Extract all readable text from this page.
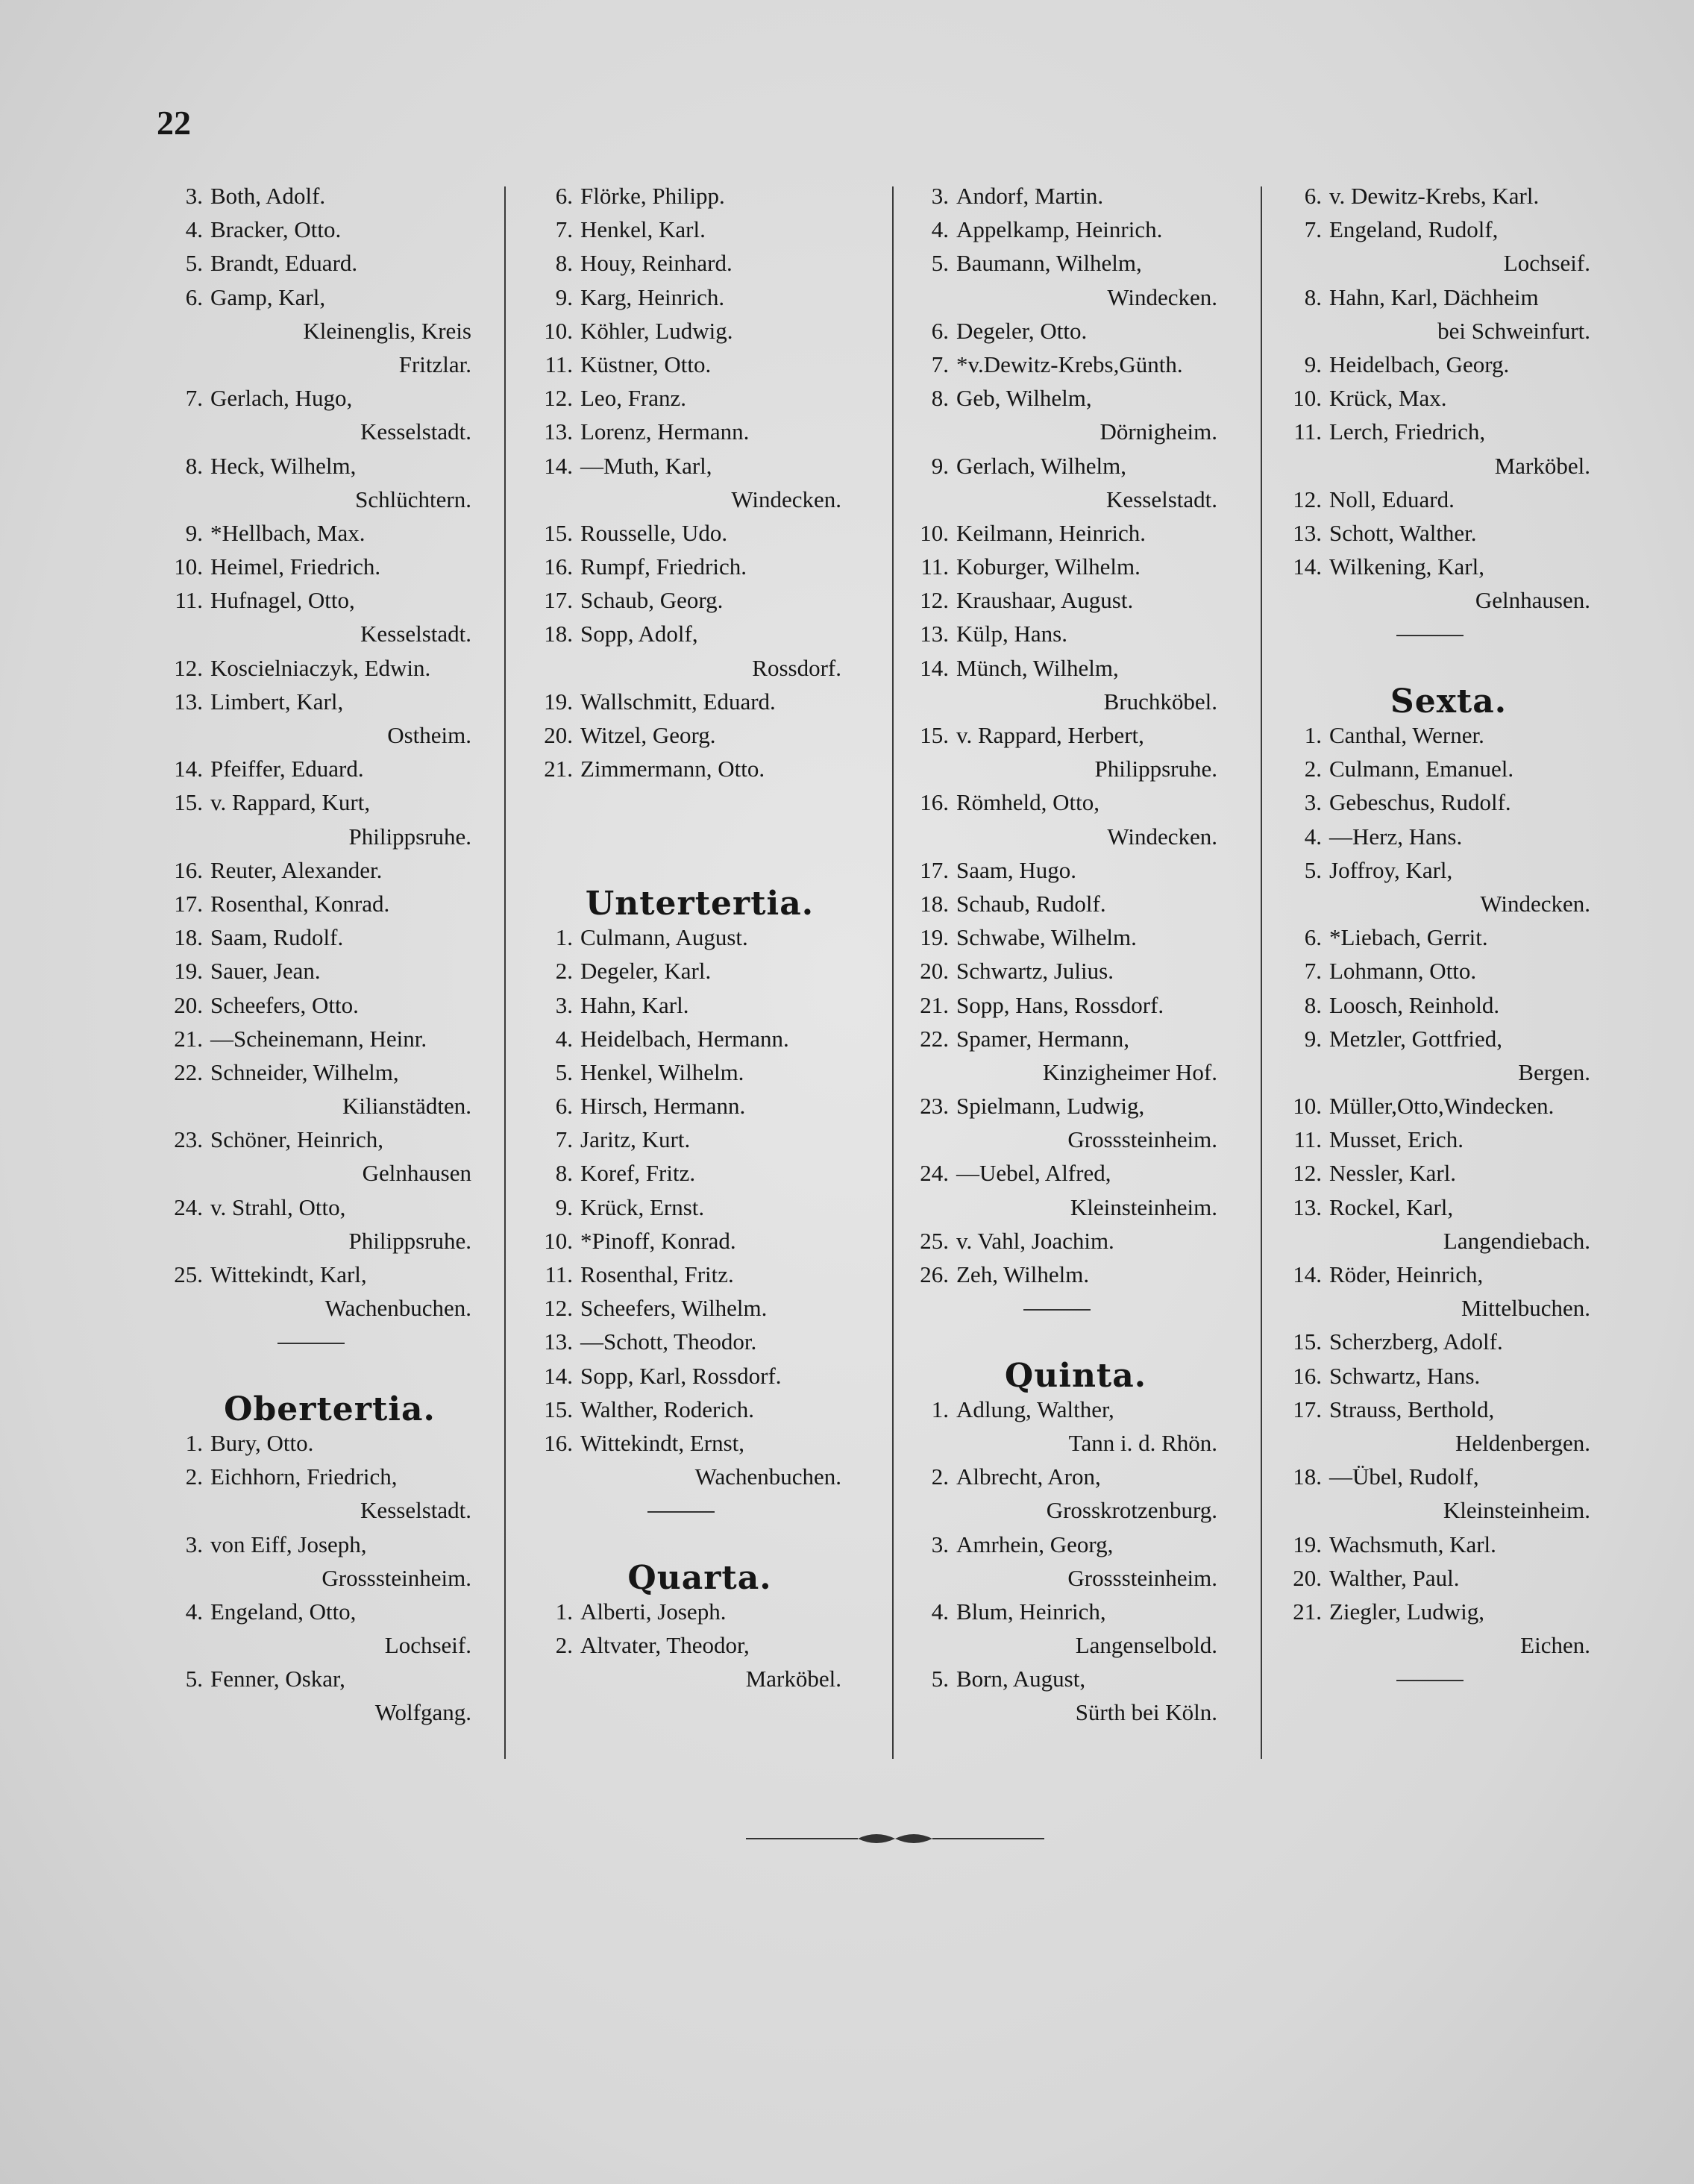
22
3. Both, Adolf.
4. Bracker, Otto.
5. Brandt, Eduard.
6. Gamp, Karl,
Kleinenglis, Kreis
Fritzlar.
7. Gerlach, Hugo,
Kesselstadt.
8. Heck, Wilhelm,
Schlüchtern.
9. *Hellbach, Max.
10. Heimel, Friedrich.
11. Hufnagel, Otto,
Kesselstadt.
12. Koscielniaczyk, Edwin.
13. Limbert, Karl,
Ostheim.
14. Pfeiffer, Eduard.
15. v. Rappard, Kurt,
Philippsruhe.
16. Reuter, Alexander.
17. Rosenthal, Konrad.
18. Saam, Rudolf.
19. Sauer, Jean.
20. Scheefers, Otto.
21. —Scheinemann, Heinr.
22. Schneider, Wilhelm,
Kilianstädten.
23. Schöner, Heinrich,
Gelnhausen
24. v. Strahl, Otto,
Philippsruhe.
25. Wittekindt, Karl,
Wachenbuchen.
Obertertia.
1. Bury, Otto.
2. Eichhorn, Friedrich,
Kesselstadt.
3. von Eiff, Joseph,
Grosssteinheim.
4. Engeland, Otto,
Lochseif.
5. Fenner, Oskar,
Wolfgang.
6. Flörke, Philipp.
7. Henkel, Karl.
8. Houy, Reinhard.
9. Karg, Heinrich.
10. Köhler, Ludwig.
11. Küstner, Otto.
12. Leo, Franz.
13. Lorenz, Hermann.
14. —Muth, Karl,
Windecken.
15. Rousselle, Udo.
16. Rumpf, Friedrich.
17. Schaub, Georg.
18. Sopp, Adolf,
Rossdorf.
19. Wallschmitt, Eduard.
20. Witzel, Georg.
21. Zimmermann, Otto.
Untertertia.
1. Culmann, August.
2. Degeler, Karl.
3. Hahn, Karl.
4. Heidelbach, Hermann.
5. Henkel, Wilhelm.
6. Hirsch, Hermann.
7. Jaritz, Kurt.
8. Koref, Fritz.
9. Krück, Ernst.
10. *Pinoff, Konrad.
11. Rosenthal, Fritz.
12. Scheefers, Wilhelm.
13. —Schott, Theodor.
14. Sopp, Karl, Rossdorf.
15. Walther, Roderich.
16. Wittekindt, Ernst,
Wachenbuchen.
Quarta.
1. Alberti, Joseph.
2. Altvater, Theodor,
Marköbel.
3. Andorf, Martin.
4. Appelkamp, Heinrich.
5. Baumann, Wilhelm,
Windecken.
6. Degeler, Otto.
7. *v.Dewitz-Krebs,Günth.
8. Geb, Wilhelm,
Dörnigheim.
9. Gerlach, Wilhelm,
Kesselstadt.
10. Keilmann, Heinrich.
11. Koburger, Wilhelm.
12. Kraushaar, August.
13. Külp, Hans.
14. Münch, Wilhelm,
Bruchköbel.
15. v. Rappard, Herbert,
Philippsruhe.
16. Römheld, Otto,
Windecken.
17. Saam, Hugo.
18. Schaub, Rudolf.
19. Schwabe, Wilhelm.
20. Schwartz, Julius.
21. Sopp, Hans, Rossdorf.
22. Spamer, Hermann,
Kinzigheimer Hof.
23. Spielmann, Ludwig,
Grosssteinheim.
24. —Uebel, Alfred,
Kleinsteinheim.
25. v. Vahl, Joachim.
26. Zeh, Wilhelm.
Quinta.
1. Adlung, Walther,
Tann i. d. Rhön.
2. Albrecht, Aron,
Grosskrotzenburg.
3. Amrhein, Georg,
Grosssteinheim.
4. Blum, Heinrich,
Langenselbold.
5. Born, August,
Sürth bei Köln.
6. v. Dewitz-Krebs, Karl.
7. Engeland, Rudolf,
Lochseif.
8. Hahn, Karl, Dächheim
bei Schweinfurt.
9. Heidelbach, Georg.
10. Krück, Max.
11. Lerch, Friedrich,
Marköbel.
12. Noll, Eduard.
13. Schott, Walther.
14. Wilkening, Karl,
Gelnhausen.
Sexta.
1. Canthal, Werner.
2. Culmann, Emanuel.
3. Gebeschus, Rudolf.
4. —Herz, Hans.
5. Joffroy, Karl,
Windecken.
6. *Liebach, Gerrit.
7. Lohmann, Otto.
8. Loosch, Reinhold.
9. Metzler, Gottfried,
Bergen.
10. Müller,Otto,Windecken.
11. Musset, Erich.
12. Nessler, Karl.
13. Rockel, Karl,
Langendiebach.
14. Röder, Heinrich,
Mittelbuchen.
15. Scherzberg, Adolf.
16. Schwartz, Hans.
17. Strauss, Berthold,
Heldenbergen.
18. —Übel, Rudolf,
Kleinsteinheim.
19. Wachsmuth, Karl.
20. Walther, Paul.
21. Ziegler, Ludwig,
Eichen.
